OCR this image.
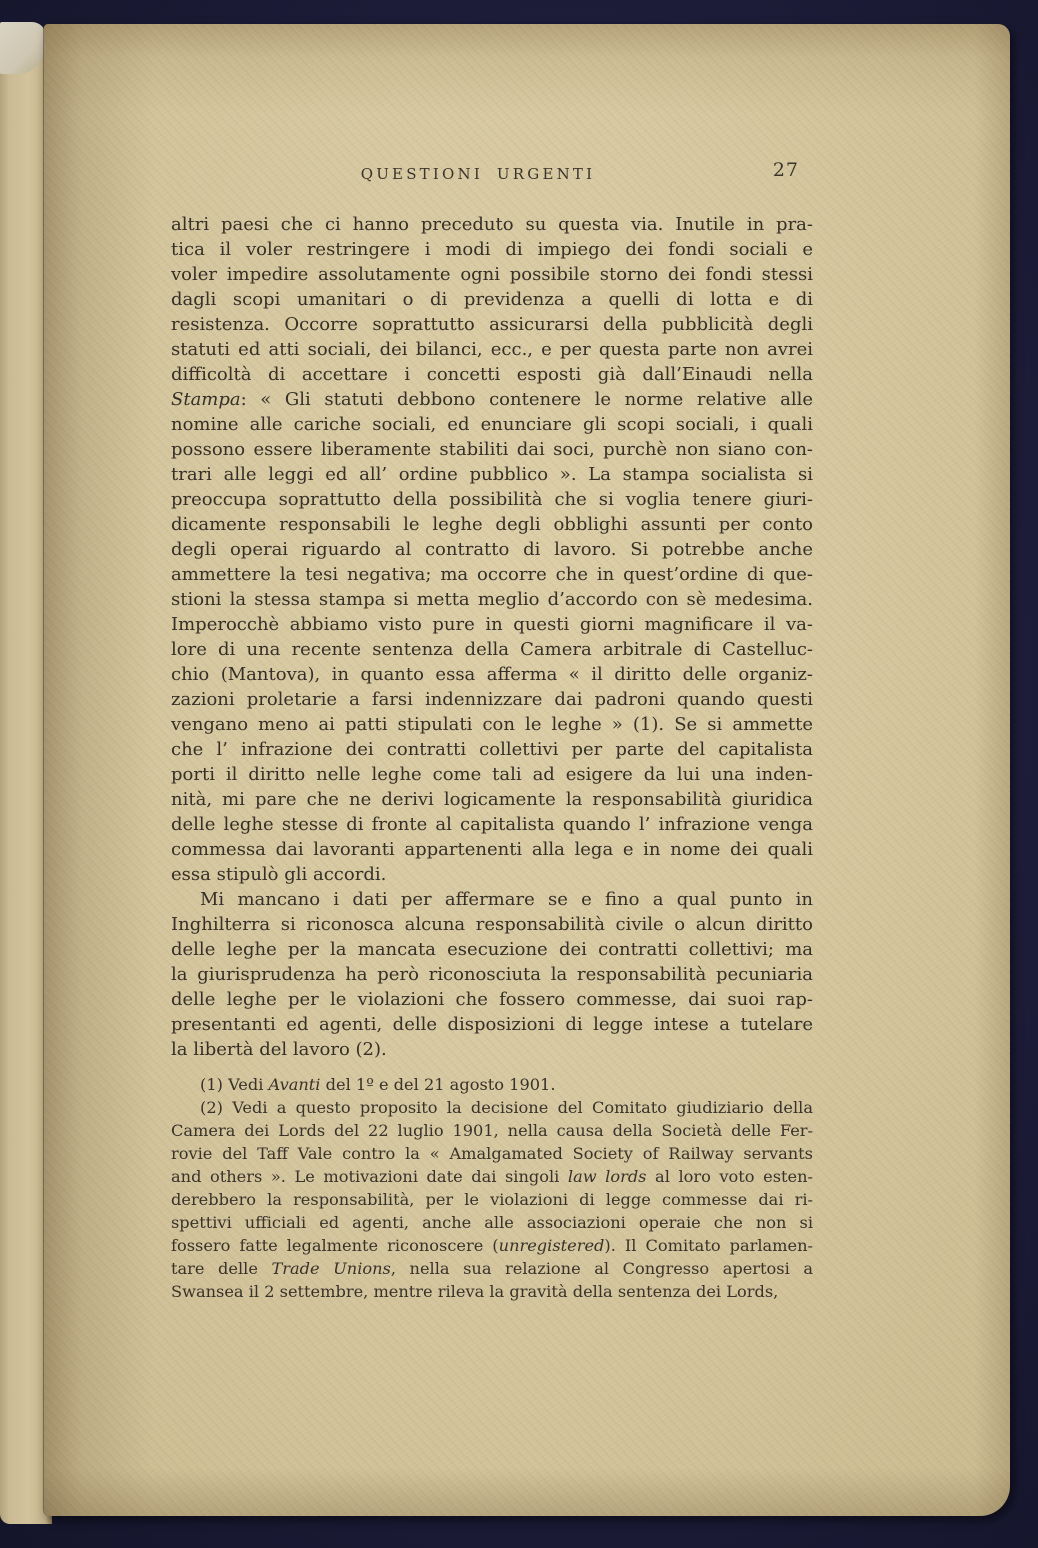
QUESTIONI URGENTI	27
altri paesi che ci hanno preceduto su questa via. Inutile in pra-
tica il voler restringere i modi di impiego dei fondi sociali e
voler impedire assolutamente ogni possibile storno dei fondi stessi
dagli scopi umanitari o di previdenza a quelli di lotta e di
resistenza. Occorre soprattutto assicurarsi della pubblicità degli
statuti ed atti sociali, dei bilanci, ecc., e per questa parte non avrei
difficoltà di accettare i concetti esposti già dall’Einaudi nella
Stampa: « Gli statuti debbono contenere le norme relative alle
nomine alle cariche sociali, ed enunciare gli scopi sociali, i quali
possono essere liberamente stabiliti dai soci, purchè non siano con-
trari alle leggi ed all’ ordine pubblico ». La stampa socialista si
preoccupa soprattutto della possibilità che si voglia tenere giuri-
dicamente responsabili le leghe degli obblighi assunti per conto
degli operai riguardo al contratto di lavoro. Si potrebbe anche
ammettere la tesi negativa; ma occorre che in quest’ordine di que-
stioni la stessa stampa si metta meglio d’accordo con sè medesima.
Imperocchè abbiamo visto pure in questi giorni magnificare il va-
lore di una recente sentenza della Camera arbitrale di Castelluc-
chio (Mantova), in quanto essa afferma « il diritto delle organiz-
zazioni proletarie a farsi indennizzare dai padroni quando questi
vengano meno ai patti stipulati con le leghe » (1). Se si ammette
che l’ infrazione dei contratti collettivi per parte del capitalista
porti il diritto nelle leghe come tali ad esigere da lui una inden-
nità, mi pare che ne derivi logicamente la responsabilità giuridica
delle leghe stesse di fronte al capitalista quando l’ infrazione venga
commessa dai lavoranti appartenenti alla lega e in nome dei quali
essa stipulò gli accordi.
Mi mancano i dati per affermare se e fino a qual punto in
Inghilterra si riconosca alcuna responsabilità civile o alcun diritto
delle leghe per la mancata esecuzione dei contratti collettivi; ma
la giurisprudenza ha però riconosciuta la responsabilità pecuniaria
delle leghe per le violazioni che fossero commesse, dai suoi rap-
presentanti ed agenti, delle disposizioni di legge intese a tutelare
la libertà del lavoro (2).
(1) Vedi Avanti del 1º e del 21 agosto 1901.
(2) Vedi a questo proposito la decisione del Comitato giudiziario della
Camera dei Lords del 22 luglio 1901, nella causa della Società delle Fer-
rovie del Taff Vale contro la « Amalgamated Society of Railway servants
and others ». Le motivazioni date dai singoli law lords al loro voto esten-
derebbero la responsabilità, per le violazioni di legge commesse dai ri-
spettivi ufficiali ed agenti, anche alle associazioni operaie che non si
fossero fatte legalmente riconoscere (unregistered). Il Comitato parlamen-
tare delle Trade Unions, nella sua relazione al Congresso apertosi a
Swansea il 2 settembre, mentre rileva la gravità della sentenza dei Lords,
